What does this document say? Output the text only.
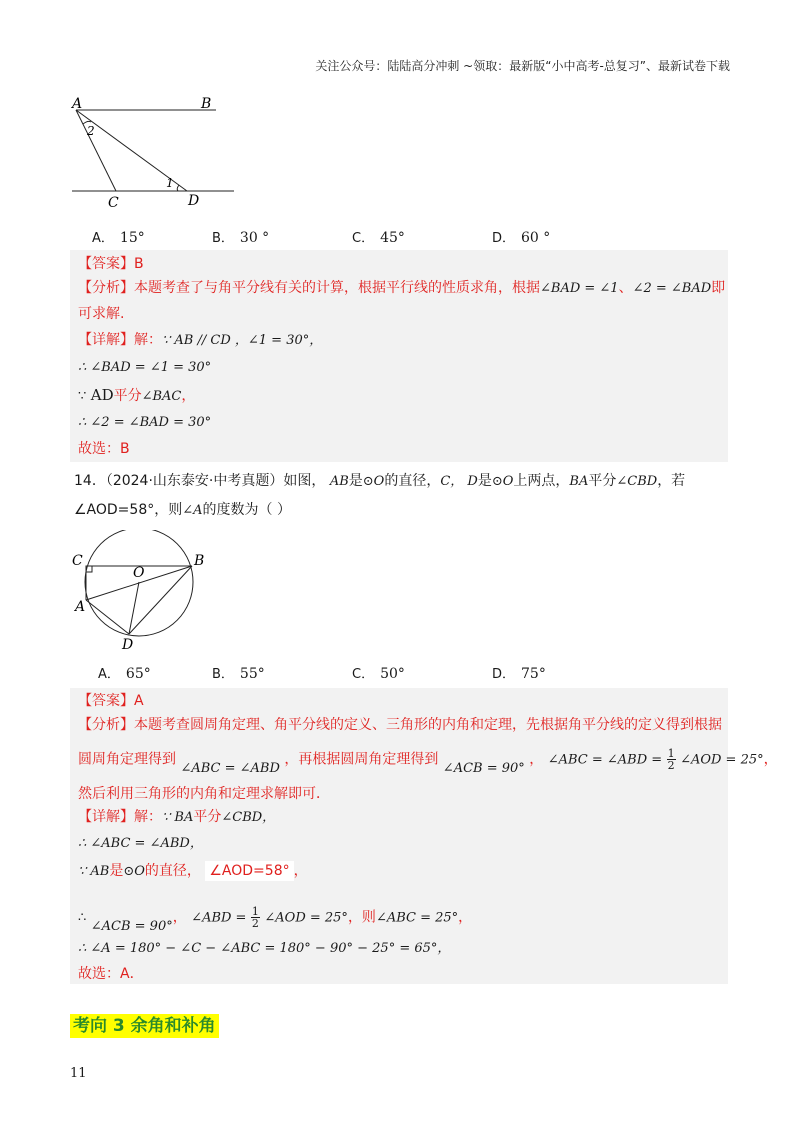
关注公众号：陆陆高分冲刺 ~领取：最新版“小中高考-总复习”、最新试卷下载
A	B
C	D
1
2
A． 15°	B． 30 °	C． 45°	D． 60 °
【答案】B
【分析】本题考查了与角平分线有关的计算，根据平行线的性质求角，根据∠BAD = ∠1、∠2 = ∠BAD即
可求解.
【详解】解：∵ AB // CD ，∠1 = 30°，
∴ ∠BAD = ∠1 = 30°
∵ AD平分∠BAC，
∴ ∠2 = ∠BAD = 30°
故选：B
14．（2024·山东泰安·中考真题）如图， AB是⊙O的直径，C， D是⊙O上两点，BA平分∠CBD，若
∠AOD=58°，则∠A的度数为（ ）
C
O
B
A
D
A． 65°	B． 55°	C． 50°	D． 75°
【答案】A
【分析】本题考查圆周角定理、角平分线的定义、三角形的内角和定理，先根据角平分线的定义得到根据
圆周角定理得到 ∠ABC = ∠ABD ，再根据圆周角定理得到 ∠ACB = 90° ， ∠ABC = ∠ABD = $\frac{1}{2}$ ∠AOD = 25°，
然后利用三角形的内角和定理求解即可．
【详解】解：∵ BA平分∠CBD，
∴ ∠ABC = ∠ABD，
∵ AB是⊙O的直径， ∠AOD=58° ，
∴ ∠ACB = 90°， ∠ABD = $\frac{1}{2}$ ∠AOD = 25°，则∠ABC = 25°，
∴ ∠A = 180° − ∠C − ∠ABC = 180° − 90° − 25° = 65°，
故选：A．
考向 3 余角和补角
11
